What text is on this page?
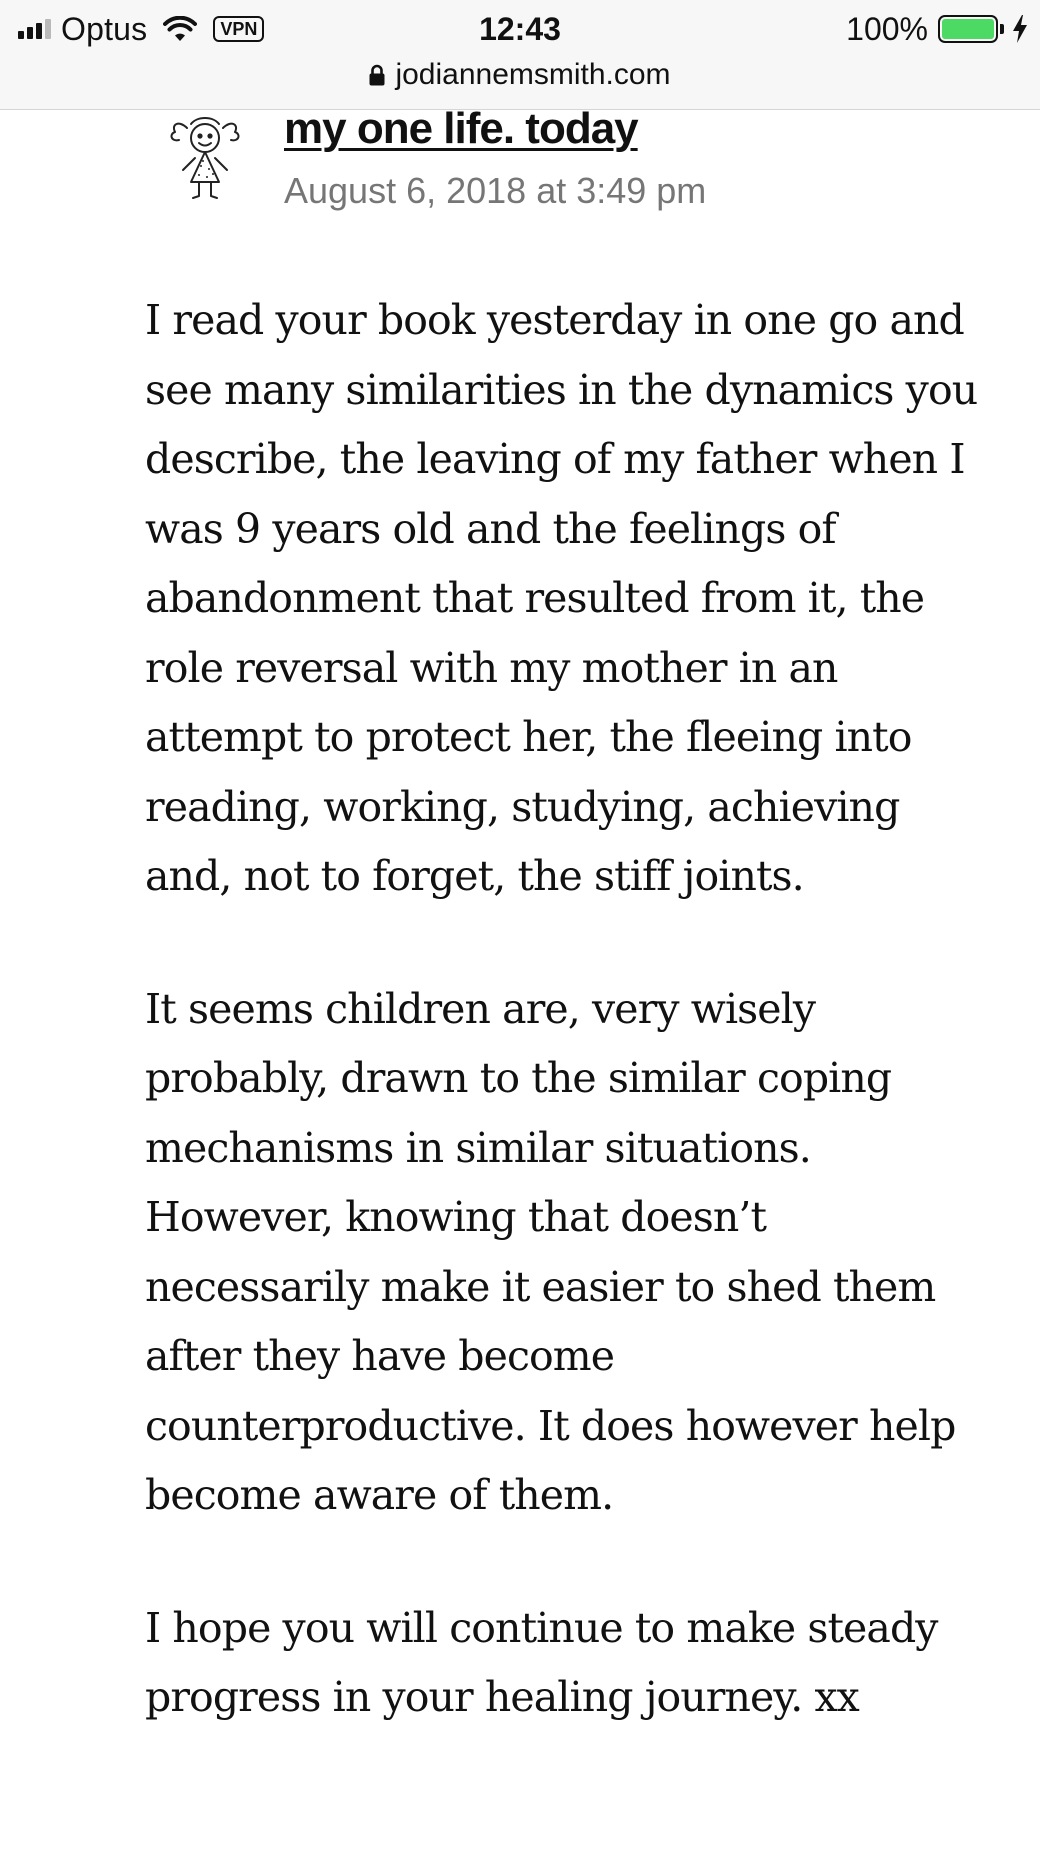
Optus	VPN	12:43	100%
jodiannemsmith.com
my one life. today
August 6, 2018 at 3:49 pm

I read your book yesterday in one go and see many similarities in the dynamics you describe, the leaving of my father when I was 9 years old and the feelings of abandonment that resulted from it, the role reversal with my mother in an attempt to protect her, the fleeing into reading, working, studying, achieving and, not to forget, the stiff joints.

It seems children are, very wisely probably, drawn to the similar coping mechanisms in similar situations. However, knowing that doesn’t necessarily make it easier to shed them after they have become counterproductive. It does however help become aware of them.

I hope you will continue to make steady progress in your healing journey. xx
